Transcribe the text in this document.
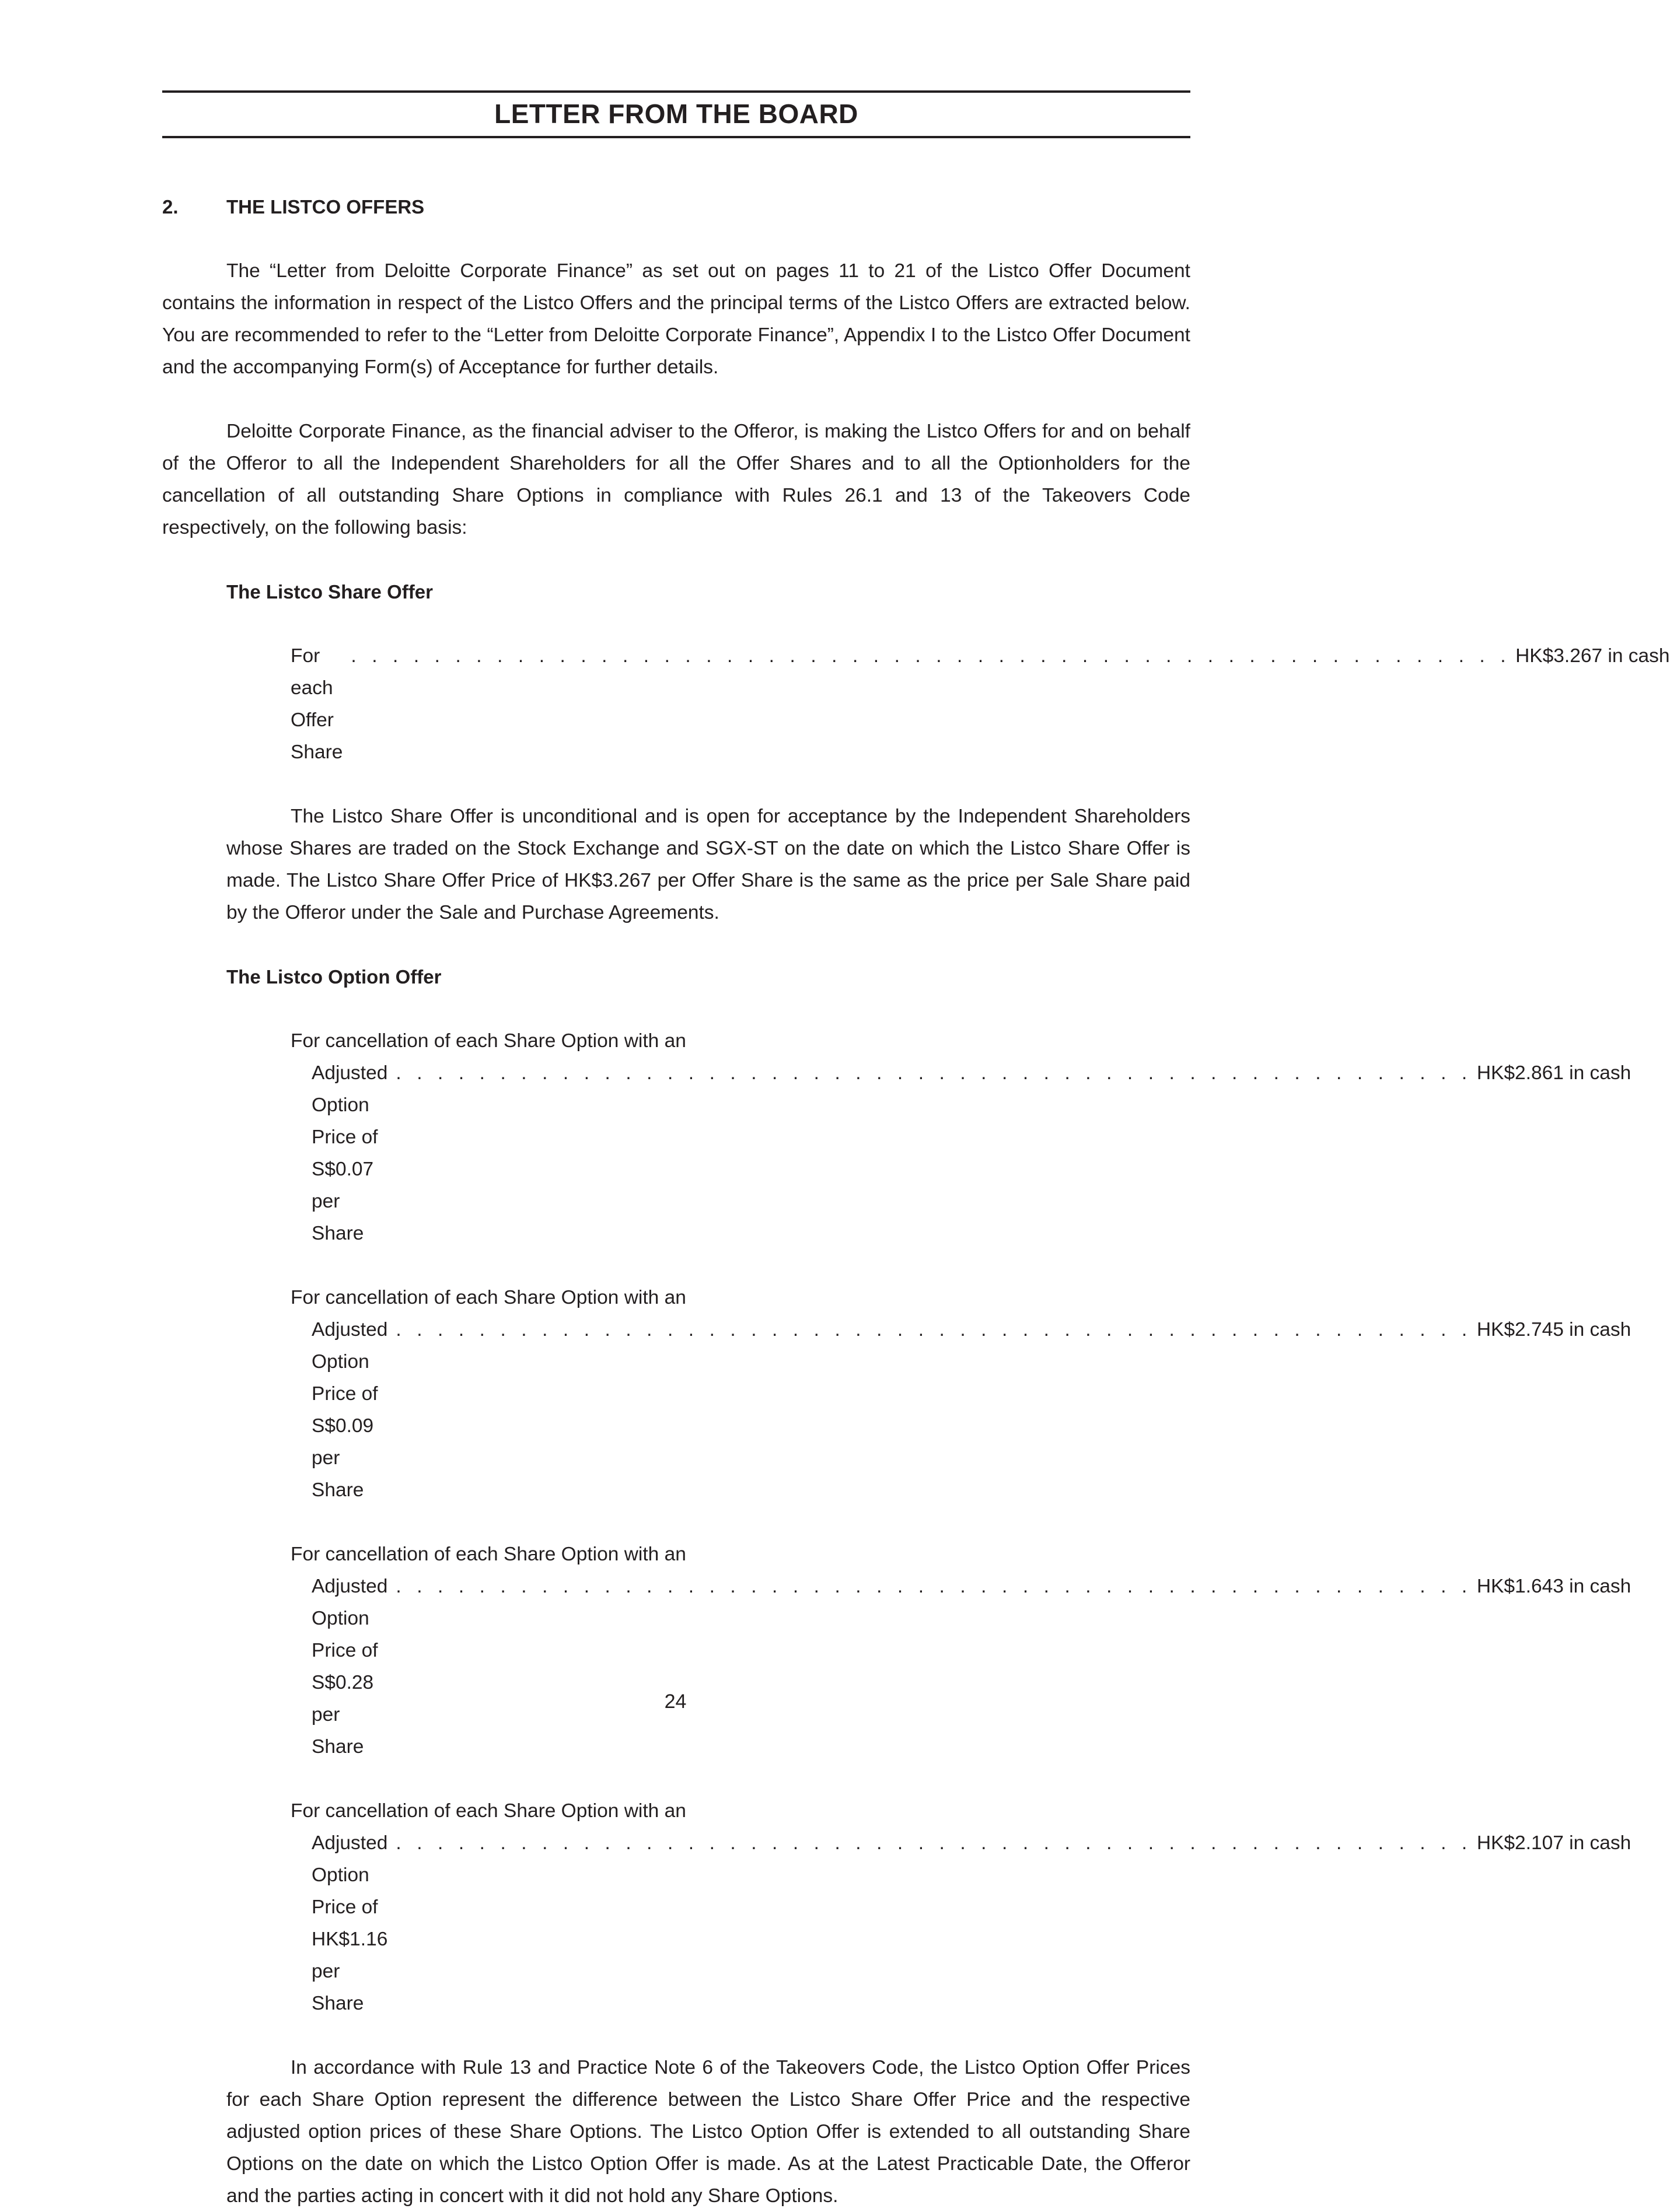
LETTER FROM THE BOARD
2.	THE LISTCO OFFERS

The “Letter from Deloitte Corporate Finance” as set out on pages 11 to 21 of the Listco Offer Document contains the information in respect of the Listco Offers and the principal terms of the Listco Offers are extracted below. You are recommended to refer to the “Letter from Deloitte Corporate Finance”, Appendix I to the Listco Offer Document and the accompanying Form(s) of Acceptance for further details.

Deloitte Corporate Finance, as the financial adviser to the Offeror, is making the Listco Offers for and on behalf of the Offeror to all the Independent Shareholders for all the Offer Shares and to all the Optionholders for the cancellation of all outstanding Share Options in compliance with Rules 26.1 and 13 of the Takeovers Code respectively, on the following basis:

The Listco Share Offer
For each Offer Share
. . . . . . . . . . . . . . . . . . . . . . . . . . . . . . . . . . . . . . . . . . . . . . . . . . . . . . . . HK$3.267 in cash
The Listco Share Offer is unconditional and is open for acceptance by the Independent Shareholders whose Shares are traded on the Stock Exchange and SGX-ST on the date on which the Listco Share Offer is made. The Listco Share Offer Price of HK$3.267 per Offer Share is the same as the price per Sale Share paid by the Offeror under the Sale and Purchase Agreements.
The Listco Option Offer
For cancellation of each Share Option with an
Adjusted Option Price of S$0.07 per Share
. . . . . . . . . . . . . . . . . . . . . . . . . . . . . . . . . . . . . . . . . . . . . . . . . . . . HK$2.861 in cash
For cancellation of each Share Option with an
Adjusted Option Price of S$0.09 per Share
. . . . . . . . . . . . . . . . . . . . . . . . . . . . . . . . . . . . . . . . . . . . . . . . . . . . HK$2.745 in cash
For cancellation of each Share Option with an
Adjusted Option Price of S$0.28 per Share
. . . . . . . . . . . . . . . . . . . . . . . . . . . . . . . . . . . . . . . . . . . . . . . . . . . . HK$1.643 in cash
For cancellation of each Share Option with an
Adjusted Option Price of HK$1.16 per Share
. . . . . . . . . . . . . . . . . . . . . . . . . . . . . . . . . . . . . . . . . . . . . . . . . . . . HK$2.107 in cash
In accordance with Rule 13 and Practice Note 6 of the Takeovers Code, the Listco Option Offer Prices for each Share Option represent the difference between the Listco Share Offer Price and the respective adjusted option prices of these Share Options. The Listco Option Offer is extended to all outstanding Share Options on the date on which the Listco Option Offer is made. As at the Latest Practicable Date, the Offeror and the parties acting in concert with it did not hold any Share Options.
24
